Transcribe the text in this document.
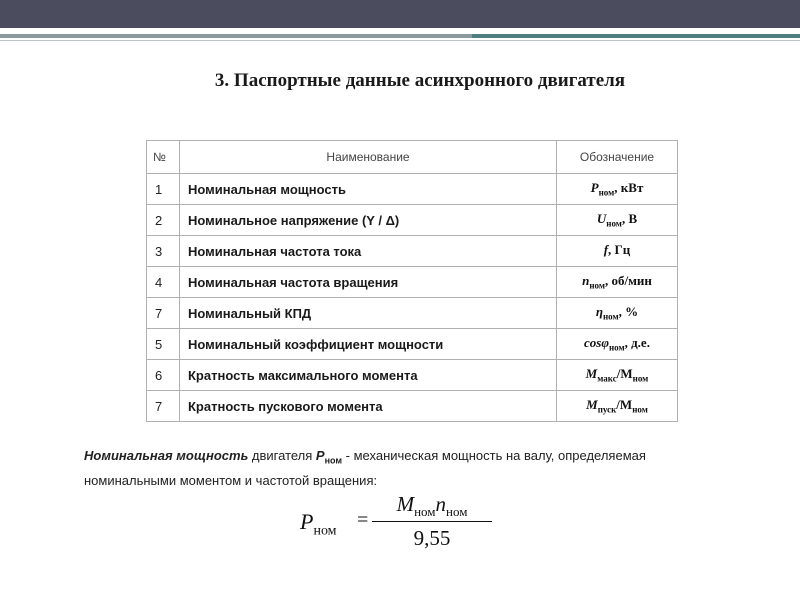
3. Паспортные данные асинхронного двигателя
№	Наименование	Обозначение
1	Номинальная мощность	$P_{ном}$, кВт
2	Номинальное напряжение (Y / Δ)	$U_{ном}$, В
3	Номинальная частота тока	f, Гц
4	Номинальная частота вращения	$n_{ном}$, об/мин
7	Номинальный КПД	$\eta_{ном}$, %
5	Номинальный коэффициент мощности	cosφ$_{ном}$, д.е.
6	Кратность максимального момента	$M_{макс}/M_{ном}$
7	Кратность пускового момента	$M_{пуск}/M_{ном}$
Номинальная мощность двигателя $P_{ном}$ - механическая мощность на валу, определяемая номинальными моментом и частотой вращения:
$P_{ном}$ =
$M_{ном}n_{ном}$
9,55
